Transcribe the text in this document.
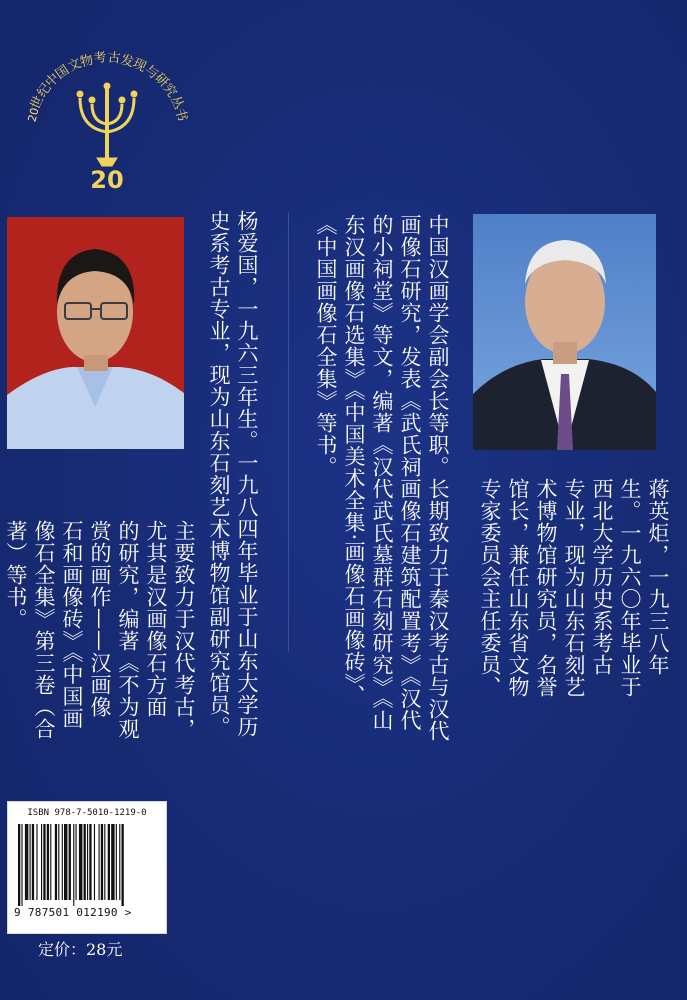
20
20
世
纪
中
国
文
物
考 古
发
现
与
研
究
丛
书
中国汉画学会副会长等职。长期致力于秦汉考古与汉代
画像石研究，发表《武氏祠画像石建筑配置考》《汉代
的小祠堂》等文，编著《汉代武氏墓群石刻研究》《山
东汉画像石选集》《中国美术全集·画像石画像砖》、
《中国画像石全集》等书。
蒋英炬，一九三八年
生。一九六〇年毕业于
西北大学历史系考古
专业，现为山东石刻艺
术博物馆研究员，名誉
馆长，兼任山东省文物
专家委员会主任委员、
杨爱国，一九六三年生。一九八四年毕业于山东大学历
史系考古专业，现为山东石刻艺术博物馆副研究馆员。
主要致力于汉代考古，
尤其是汉画像石方面
的研究，编著《不为观
赏的画作——汉画像
石和画像砖》《中国画
像石全集》第三卷（合
著）等书。
ISBN 978-7-5010-1219-0
9 787501 012190 >
定价：28元
